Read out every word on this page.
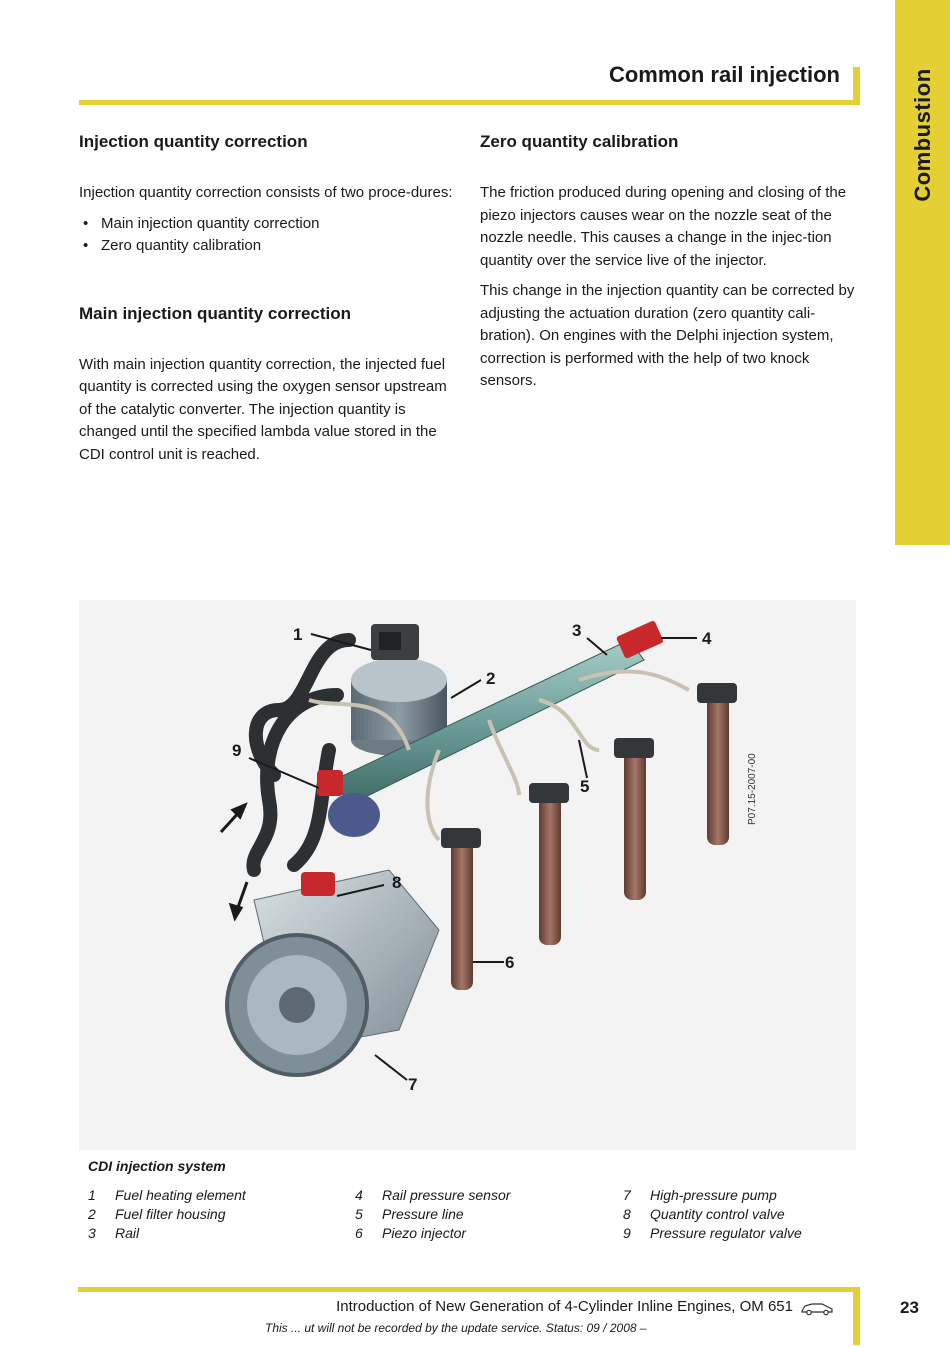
Combustion
Common rail injection
Injection quantity correction

Injection quantity correction consists of two proce-dures:

• Main injection quantity correction
• Zero quantity calibration
Main injection quantity correction

With main injection quantity correction, the injected fuel quantity is corrected using the oxygen sensor upstream of the catalytic converter. The injection quantity is changed until the specified lambda value stored in the CDI control unit is reached.

Zero quantity calibration

The friction produced during opening and closing of the piezo injectors causes wear on the nozzle seat of the nozzle needle. This causes a change in the injec-tion quantity over the service live of the injector.

This change in the injection quantity can be corrected by adjusting the actuation duration (zero quantity cali-bration). On engines with the Delphi injection system, correction is performed with the help of two knock sensors.

1
2
3	4
5
6
7
8
9
P07.15-2007-00
CDI injection system
1	Fuel heating element
2	Fuel filter housing
3	Rail
4	Rail pressure sensor
5	Pressure line
6	Piezo injector
7	High-pressure pump
8	Quantity control valve
9	Pressure regulator valve
Introduction of New Generation of 4-Cylinder Inline Engines, OM 651	23
This ... ut will not be recorded by the update service. Status: 09 / 2008 –
